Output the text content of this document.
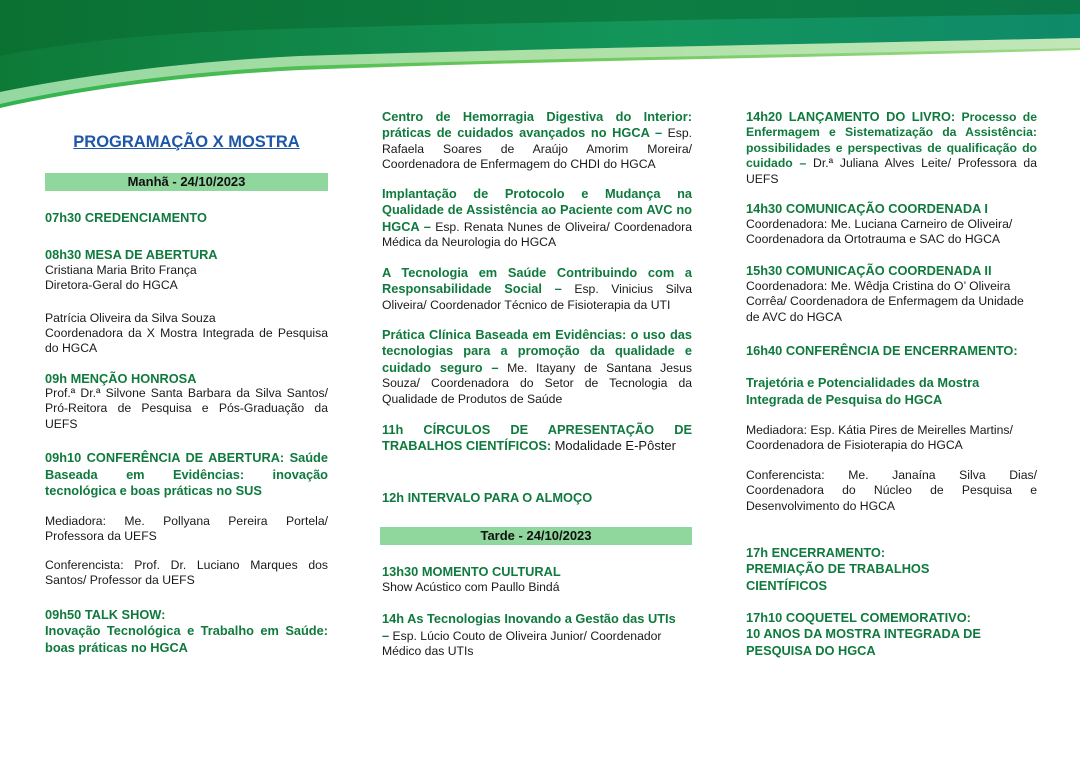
PROGRAMAÇÃO X MOSTRA
Manhã - 24/10/2023
07h30 CREDENCIAMENTO
08h30 MESA DE ABERTURA
Cristiana Maria Brito França
Diretora-Geral do HGCA
Patrícia Oliveira da Silva Souza
Coordenadora da X Mostra Integrada de Pesquisa do HGCA
09h MENÇÃO HONROSA
Prof.ª Dr.ª Silvone Santa Barbara da Silva Santos/ Pró-Reitora de Pesquisa e Pós-Graduação da UEFS
09h10 CONFERÊNCIA DE ABERTURA: Saúde Baseada em Evidências: inovação tecnológica e boas práticas no SUS
Mediadora: Me. Pollyana Pereira Portela/ Professora da UEFS
Conferencista: Prof. Dr. Luciano Marques dos Santos/ Professor da UEFS
09h50 TALK SHOW:
Inovação Tecnológica e Trabalho em Saúde: boas práticas no HGCA
Centro de Hemorragia Digestiva do Interior: práticas de cuidados avançados no HGCA – Esp. Rafaela Soares de Araújo Amorim Moreira/ Coordenadora de Enfermagem do CHDI do HGCA
Implantação de Protocolo e Mudança na Qualidade de Assistência ao Paciente com AVC no HGCA – Esp. Renata Nunes de Oliveira/ Coordenadora Médica da Neurologia do HGCA
A Tecnologia em Saúde Contribuindo com a Responsabilidade Social – Esp. Vinicius Silva Oliveira/ Coordenador Técnico de Fisioterapia da UTI
Prática Clínica Baseada em Evidências: o uso das tecnologias para a promoção da qualidade e cuidado seguro – Me. Itayany de Santana Jesus Souza/ Coordenadora do Setor de Tecnologia da Qualidade de Produtos de Saúde
11h CÍRCULOS DE APRESENTAÇÃO DE TRABALHOS CIENTÍFICOS: Modalidade E-Pôster
12h INTERVALO PARA O ALMOÇO
Tarde - 24/10/2023
13h30 MOMENTO CULTURAL
Show Acústico com Paullo Bindá
14h As Tecnologias Inovando a Gestão das UTIs – Esp. Lúcio Couto de Oliveira Junior/ Coordenador Médico das UTIs
14h20 LANÇAMENTO DO LIVRO: Processo de Enfermagem e Sistematização da Assistência: possibilidades e perspectivas de qualificação do cuidado – Dr.ª Juliana Alves Leite/ Professora da UEFS
14h30 COMUNICAÇÃO COORDENADA I
Coordenadora: Me. Luciana Carneiro de Oliveira/ Coordenadora da Ortotrauma e SAC do HGCA
15h30 COMUNICAÇÃO COORDENADA II
Coordenadora: Me. Wêdja Cristina do O’ Oliveira Corrêa/ Coordenadora de Enfermagem da Unidade de AVC do HGCA
16h40 CONFERÊNCIA DE ENCERRAMENTO:
Trajetória e Potencialidades da Mostra Integrada de Pesquisa do HGCA
Mediadora: Esp. Kátia Pires de Meirelles Martins/ Coordenadora de Fisioterapia do HGCA
Conferencista: Me. Janaína Silva Dias/ Coordenadora do Núcleo de Pesquisa e Desenvolvimento do HGCA
17h ENCERRAMENTO:
PREMIAÇÃO DE TRABALHOS CIENTÍFICOS
17h10 COQUETEL COMEMORATIVO:
10 ANOS DA MOSTRA INTEGRADA DE PESQUISA DO HGCA
